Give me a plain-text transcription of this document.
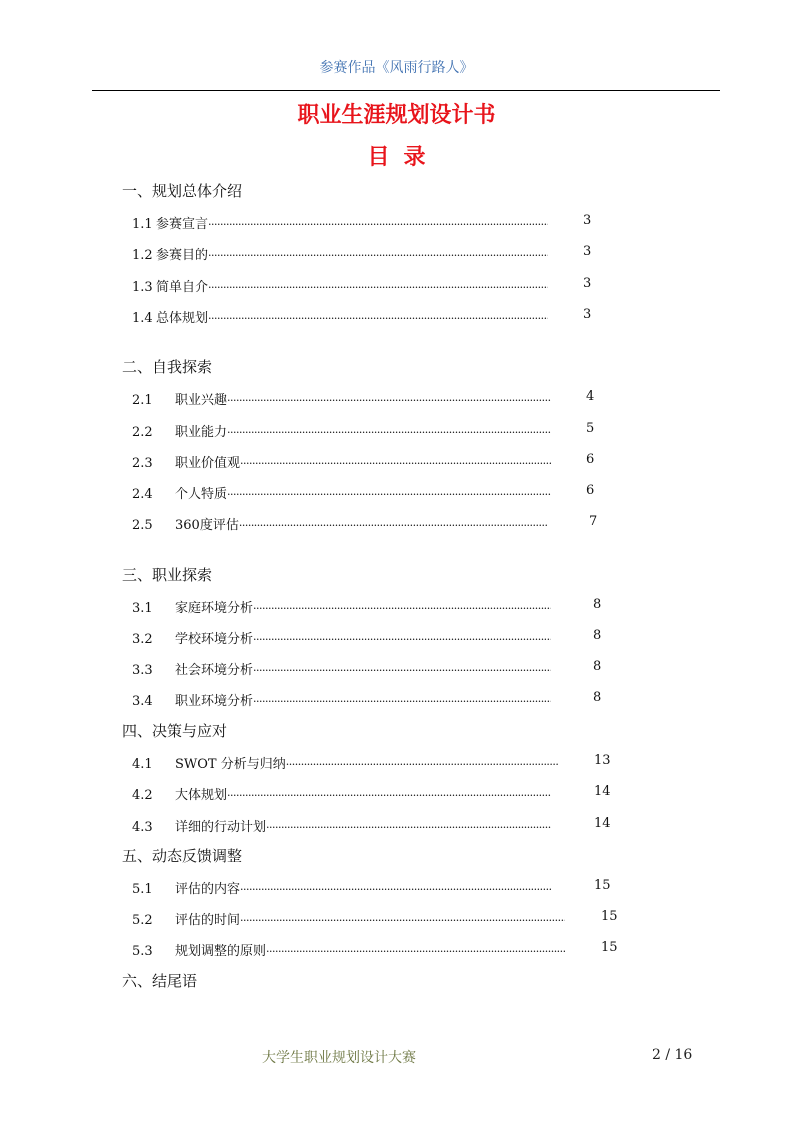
参赛作品《风雨行路人》
职业生涯规划设计书
目录
一、规划总体介绍
1.1 参赛宣言 ·····	3
1.2 参赛目的 ·····	3
1.3 简单自介 ·····	3
1.4 总体规划 ·····	3
二、自我探索
2.1	职业兴趣 ·····	4
2.2	职业能力 ·····	5
2.3	职业价值观 ·····	6
2.4	个人特质 ·····	6
2.5	360度评估 ·····	7
三、职业探索
3.1	家庭环境分析 ·····	8
3.2	学校环境分析 ·····	8
3.3	社会环境分析 ·····	8
3.4	职业环境分析 ·····	8
四、决策与应对
4.1	SWOT 分析与归纳 ·····	13
4.2	大体规划 ·····	14
4.3	详细的行动计划 ·····	14
五、动态反馈调整
5.1	评估的内容 ·····	15
5.2	评估的时间 ·····	15
5.3	规划调整的原则 ·····	15
六、结尾语
大学生职业规划设计大赛	2 / 16
